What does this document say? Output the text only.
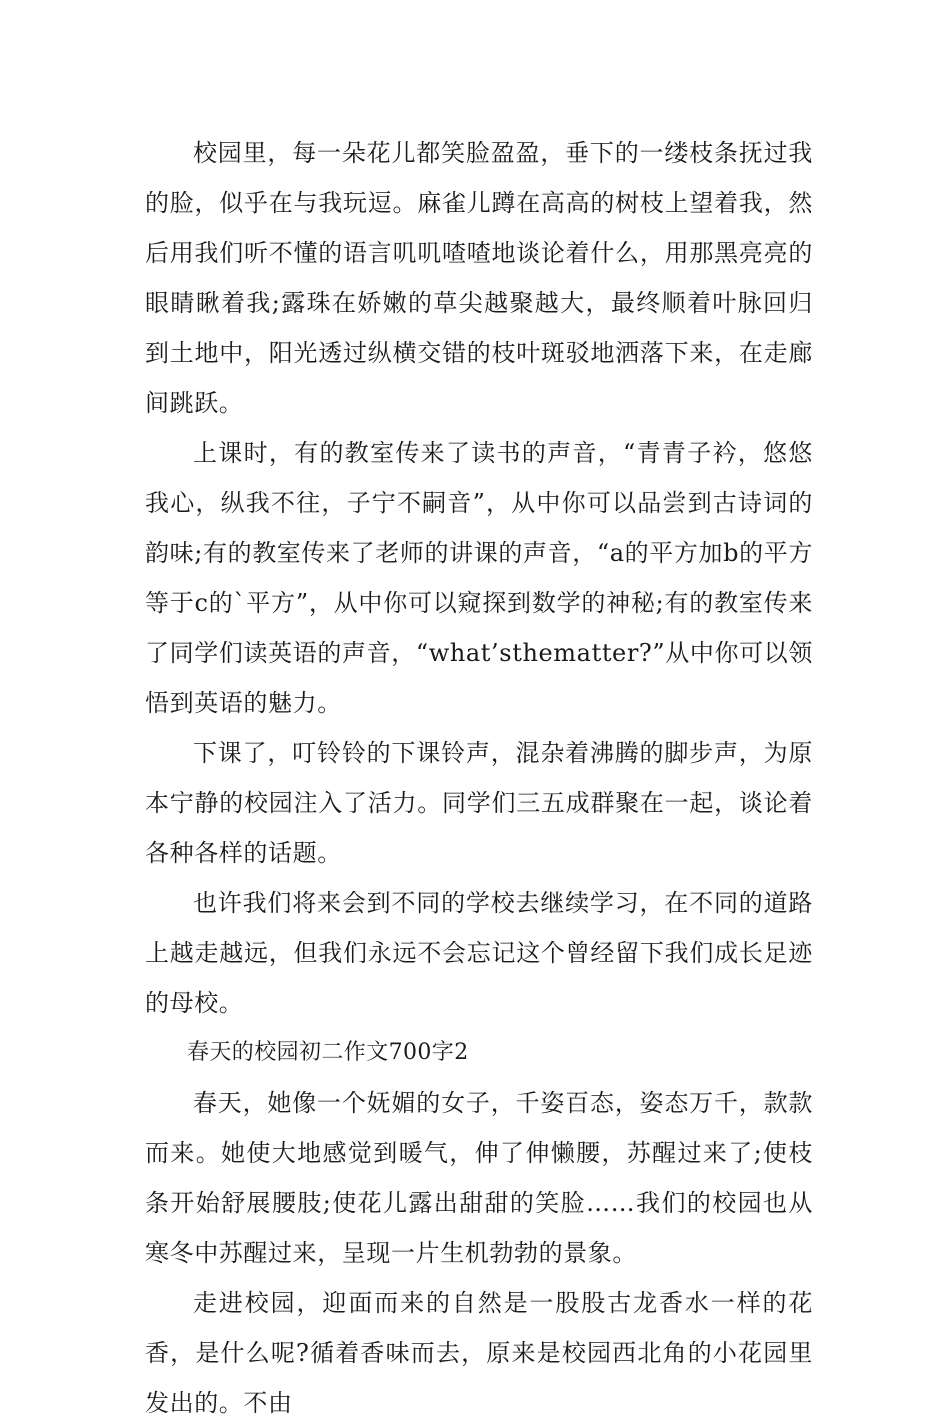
校园里，每一朵花儿都笑脸盈盈，垂下的一缕枝条抚过我的脸，似乎在与我玩逗。麻雀儿蹲在高高的树枝上望着我，然后用我们听不懂的语言叽叽喳喳地谈论着什么，用那黑亮亮的眼睛瞅着我;露珠在娇嫩的草尖越聚越大，最终顺着叶脉回归到土地中，阳光透过纵横交错的枝叶斑驳地洒落下来，在走廊间跳跃。

上课时，有的教室传来了读书的声音，“青青子衿，悠悠我心，纵我不往，子宁不嗣音”，从中你可以品尝到古诗词的韵味;有的教室传来了老师的讲课的声音，“a的平方加b的平方等于c的`平方”，从中你可以窥探到数学的神秘;有的教室传来了同学们读英语的声音，“what’sthematter?”从中你可以领悟到英语的魅力。

下课了，叮铃铃的下课铃声，混杂着沸腾的脚步声，为原本宁静的校园注入了活力。同学们三五成群聚在一起，谈论着各种各样的话题。

也许我们将来会到不同的学校去继续学习，在不同的道路上越走越远，但我们永远不会忘记这个曾经留下我们成长足迹的母校。

春天的校园初二作文700字2

春天，她像一个妩媚的女子，千姿百态，姿态万千，款款而来。她使大地感觉到暖气，伸了伸懒腰，苏醒过来了;使枝条开始舒展腰肢;使花儿露出甜甜的笑脸……我们的校园也从寒冬中苏醒过来，呈现一片生机勃勃的景象。

走进校园，迎面而来的自然是一股股古龙香水一样的花香，是什么呢?循着香味而去，原来是校园西北角的小花园里发出的。不由
